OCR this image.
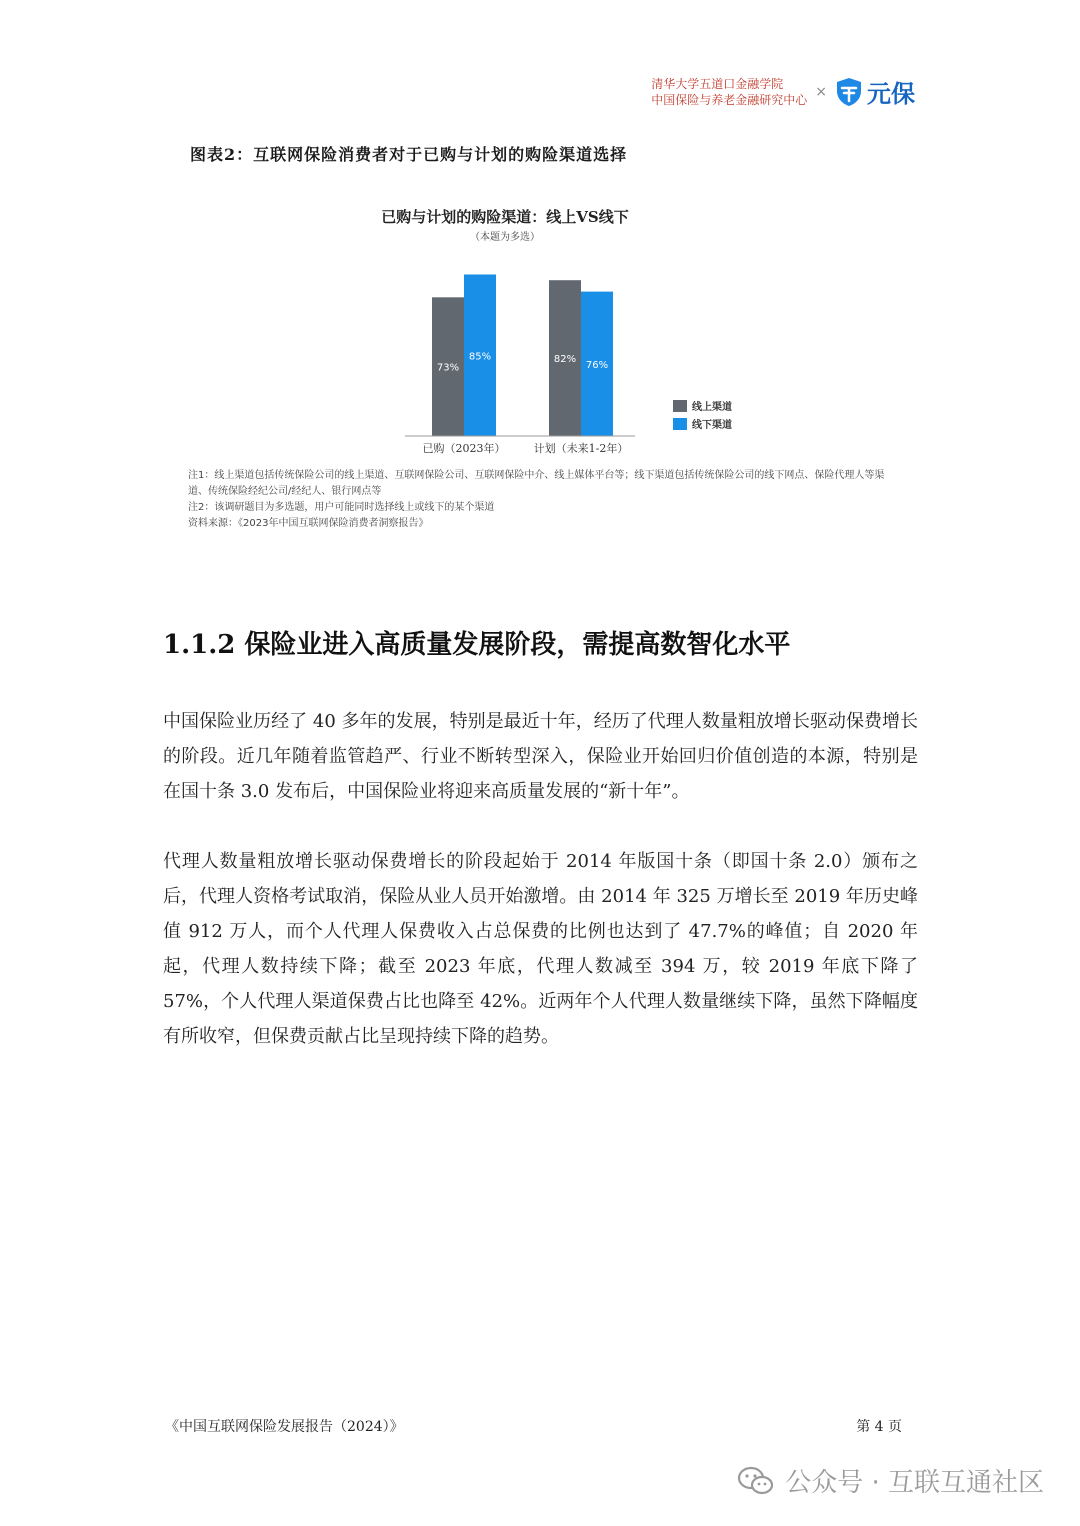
清华大学五道口金融学院
中国保险与养老金融研究中心 × 元保
图表2：互联网保险消费者对于已购与计划的购险渠道选择
已购与计划的购险渠道：线上VS线下
（本题为多选）
73%
85%	82%
76%
已购（2023年）	计划（未来1-2年）
线上渠道
线下渠道
注1：线上渠道包括传统保险公司的线上渠道、互联网保险公司、互联网保险中介、线上媒体平台等；线下渠道包括传统保险公司的线下网点、保险代理人等渠道、传统保险经纪公司/经纪人、银行网点等
注2：该调研题目为多选题，用户可能同时选择线上或线下的某个渠道
资料来源：《2023年中国互联网保险消费者洞察报告》
1.1.2 保险业进入高质量发展阶段，需提高数智化水平
中国保险业历经了 40 多年的发展，特别是最近十年，经历了代理人数量粗放增长驱动保费增长的阶段。近几年随着监管趋严、行业不断转型深入，保险业开始回归价值创造的本源，特别是在国十条 3.0 发布后，中国保险业将迎来高质量发展的“新十年”。
代理人数量粗放增长驱动保费增长的阶段起始于 2014 年版国十条（即国十条 2.0）颁布之后，代理人资格考试取消，保险从业人员开始激增。由 2014 年 325 万增长至 2019 年历史峰值 912 万人，而个人代理人保费收入占总保费的比例也达到了 47.7%的峰值；自 2020 年起，代理人数持续下降；截至 2023 年底，代理人数减至 394 万，较 2019 年底下降了 57%，个人代理人渠道保费占比也降至 42%。近两年个人代理人数量继续下降，虽然下降幅度有所收窄，但保费贡献占比呈现持续下降的趋势。
《中国互联网保险发展报告（2024）》	第 4 页
公众号 · 互联互通社区
